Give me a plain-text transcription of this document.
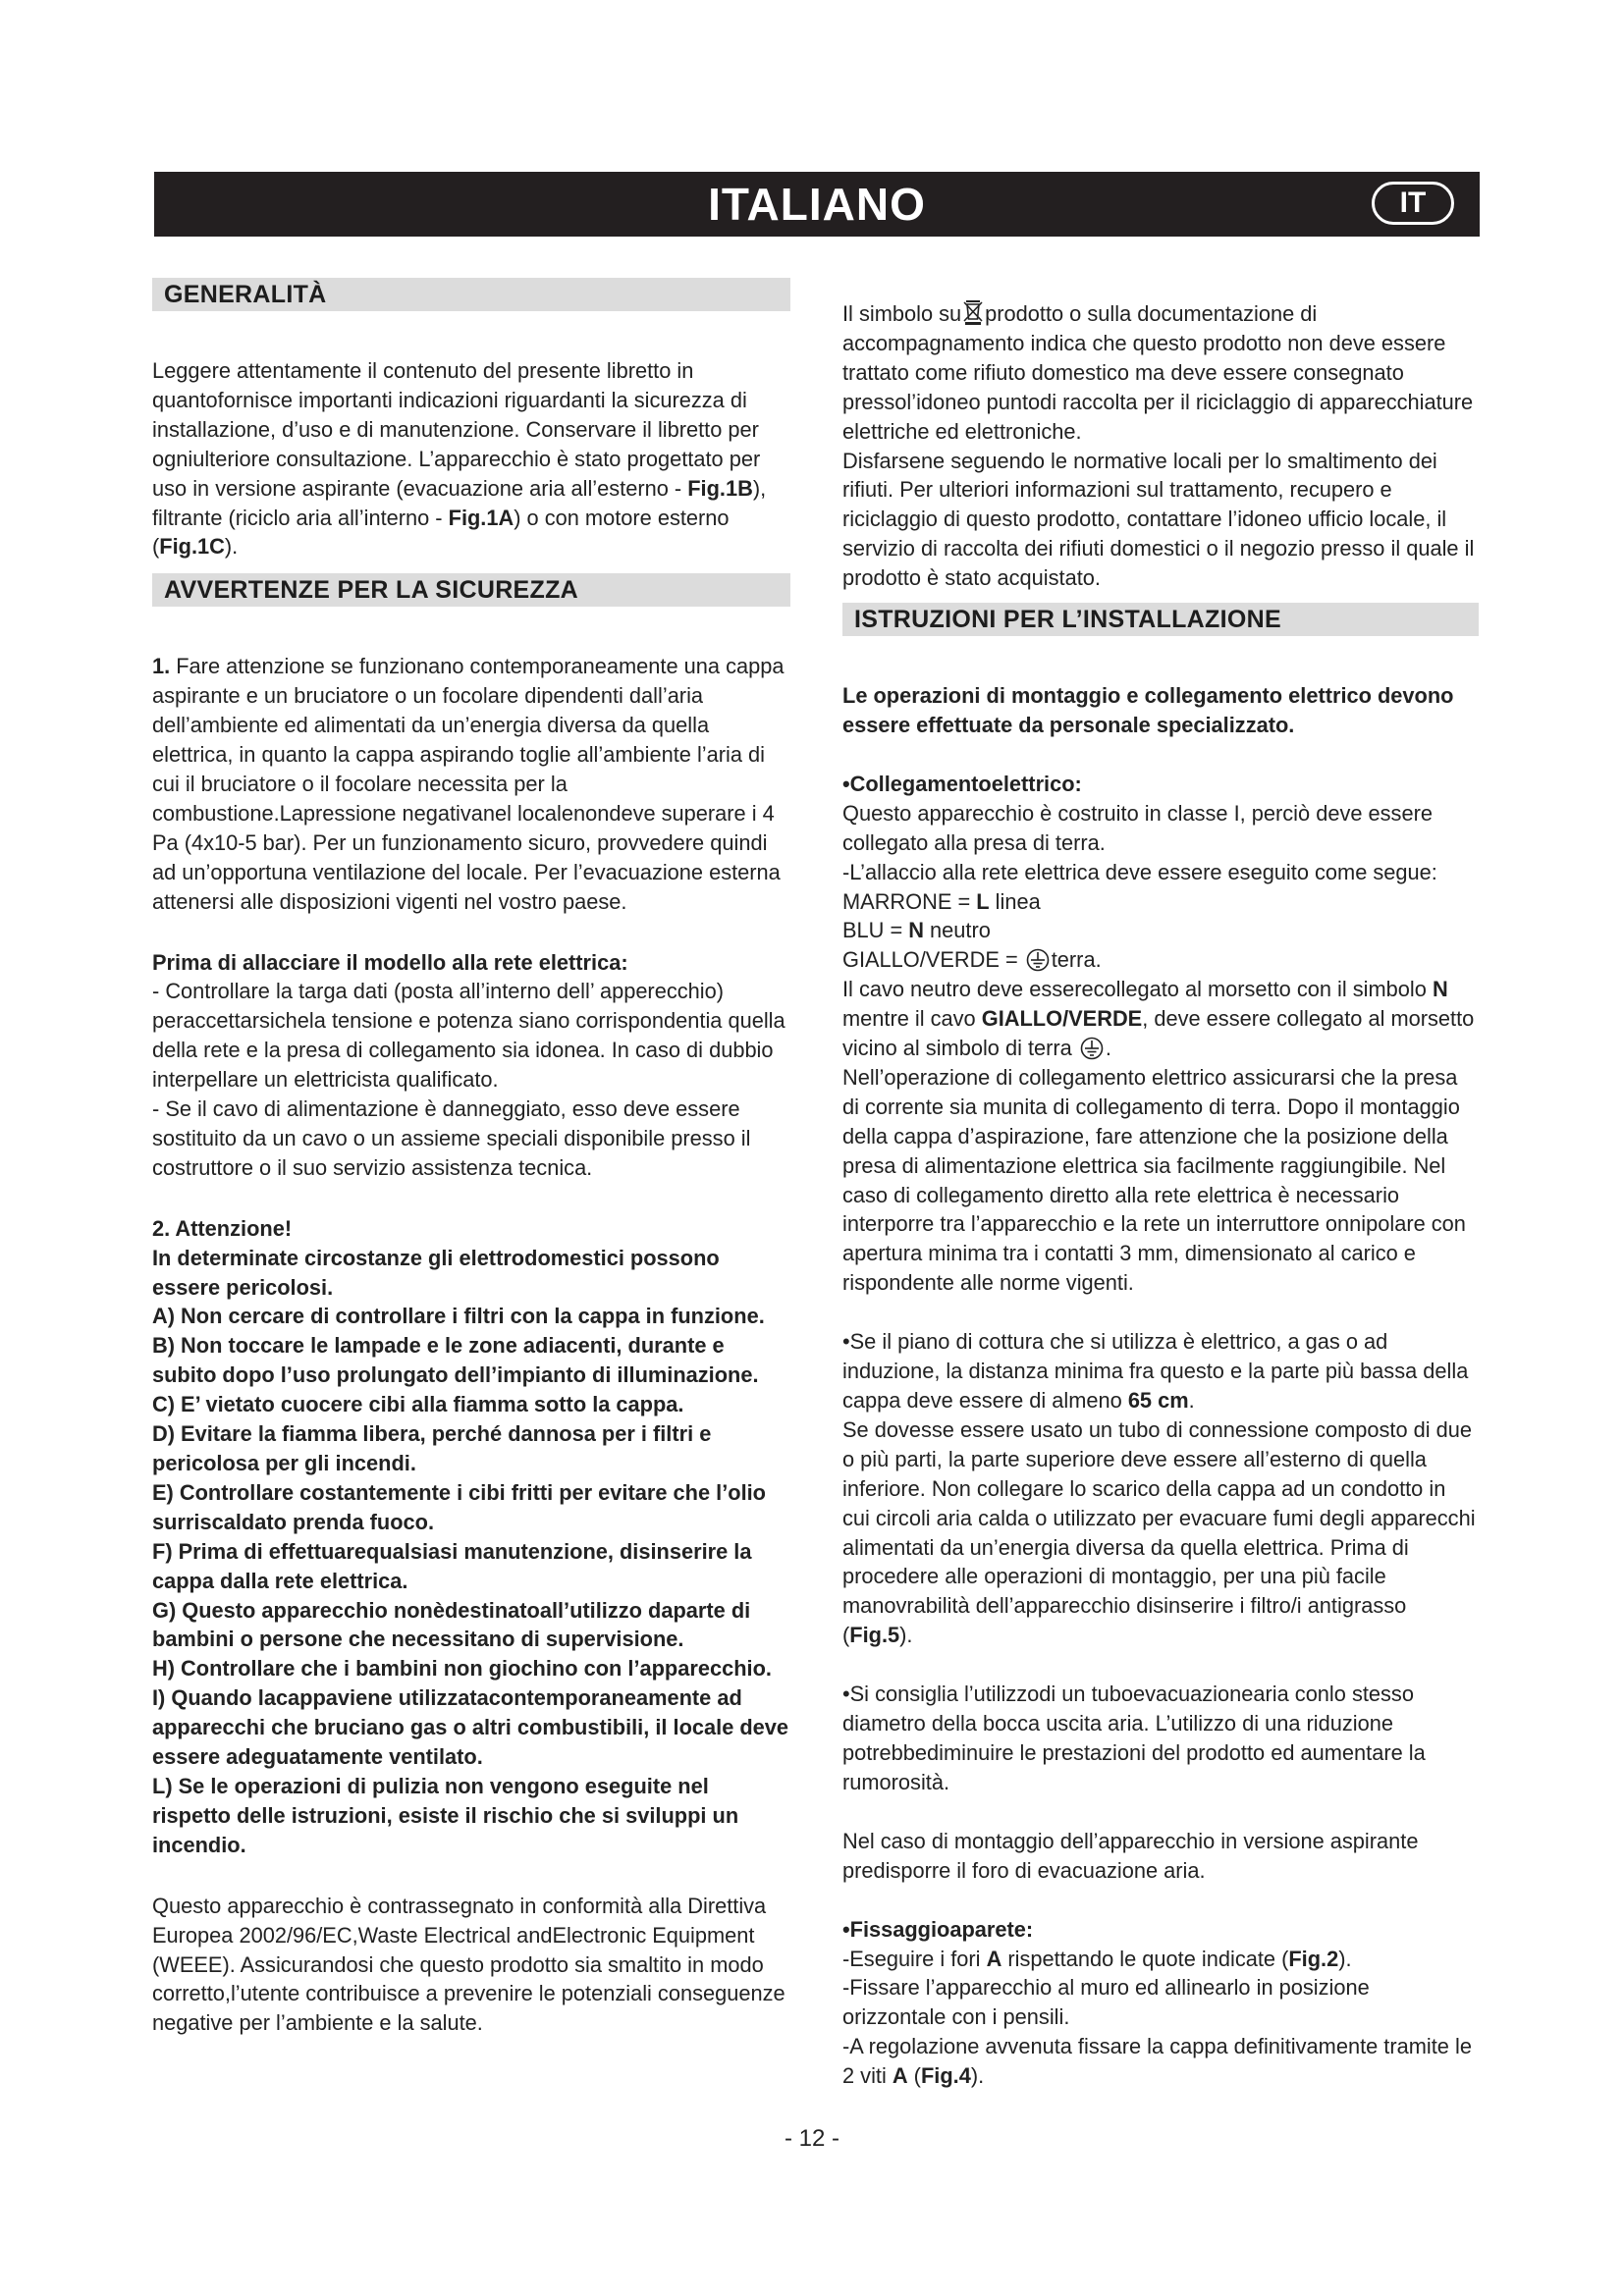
ITALIANO	IT
GENERALITÀ

Leggere attentamente il contenuto del presente libretto in quantofornisce importanti indicazioni riguardanti la sicurezza di installazione, d’uso e di manutenzione. Conservare il libretto per ogniulteriore consultazione. L’apparecchio è stato progettato per uso in versione aspirante (evacuazione aria all’esterno - Fig.1B), filtrante (riciclo aria all’interno - Fig.1A) o con motore esterno (Fig.1C).

AVVERTENZE PER LA SICUREZZA

1. Fare attenzione se funzionano contemporaneamente una cappa aspirante e un bruciatore o un focolare dipendenti dall’aria dell’ambiente ed alimentati da un’energia diversa da quella elettrica, in quanto la cappa aspirando toglie all’ambiente l’aria di cui il bruciatore o il focolare necessita per la combustione.Lapressione negativanel localenondeve superare i 4 Pa (4x10-5 bar). Per un funzionamento sicuro, provvedere quindi ad un’opportuna ventilazione del locale. Per l’evacuazione esterna attenersi alle disposizioni vigenti nel vostro paese.

Prima di allacciare il modello alla rete elettrica:

- Controllare la targa dati (posta all’interno dell’ apperecchio) peraccettarsichela tensione e potenza siano corrispondentia quella della rete e la presa di collegamento sia idonea. In caso di dubbio interpellare un elettricista qualificato.

- Se il cavo di alimentazione è danneggiato, esso deve essere sostituito da un cavo o un assieme speciali disponibile presso il costruttore o il suo servizio assistenza tecnica.

2. Attenzione!

In determinate circostanze gli elettrodomestici possono essere pericolosi.

A) Non cercare di controllare i filtri con la cappa in funzione.

B) Non toccare le lampade e le zone adiacenti, durante e subito dopo l’uso prolungato dell’impianto di illuminazione.

C) E’ vietato cuocere cibi alla fiamma sotto la cappa.

D) Evitare la fiamma libera, perché dannosa per i filtri e pericolosa per gli incendi.

E) Controllare costantemente i cibi fritti per evitare che l’olio surriscaldato prenda fuoco.

F) Prima di effettuarequalsiasi manutenzione, disinserire la cappa dalla rete elettrica.

G) Questo apparecchio nonèdestinatoall’utilizzo daparte di bambini o persone che necessitano di supervisione.

H) Controllare che i bambini non giochino con l’apparecchio.

I) Quando lacappaviene utilizzatacontemporaneamente ad apparecchi che bruciano gas o altri combustibili, il locale deve essere adeguatamente ventilato.

L) Se le operazioni di pulizia non vengono eseguite nel rispetto delle istruzioni, esiste il rischio che si sviluppi un incendio.

Questo apparecchio è contrassegnato in conformità alla Direttiva Europea 2002/96/EC,Waste Electrical andElectronic Equipment (WEEE). Assicurandosi che questo prodotto sia smaltito in modo corretto,l’utente contribuisce a prevenire le potenziali conseguenze negative per l’ambiente e la salute.

Il simbolo su prodotto o sulla documentazione di accompagnamento indica che questo prodotto non deve essere trattato come rifiuto domestico ma deve essere consegnato pressol’idoneo puntodi raccolta per il riciclaggio di apparecchiature elettriche ed elettroniche.

Disfarsene seguendo le normative locali per lo smaltimento dei rifiuti. Per ulteriori informazioni sul trattamento, recupero e riciclaggio di questo prodotto, contattare l’idoneo ufficio locale, il servizio di raccolta dei rifiuti domestici o il negozio presso il quale il prodotto è stato acquistato.

ISTRUZIONI PER L’INSTALLAZIONE

Le operazioni di montaggio e collegamento elettrico devono essere effettuate da personale specializzato.

•Collegamentoelettrico:

Questo apparecchio è costruito in classe I, perciò deve essere collegato alla presa di terra.

-L’allaccio alla rete elettrica deve essere eseguito come segue:

MARRONE = L linea

BLU = N neutro

GIALLO/VERDE = terra.

Il cavo neutro deve esserecollegato al morsetto con il simbolo N mentre il cavo GIALLO/VERDE, deve essere collegato al morsetto vicino al simbolo di terra .

Nell’operazione di collegamento elettrico assicurarsi che la presa di corrente sia munita di collegamento di terra. Dopo il montaggio della cappa d’aspirazione, fare attenzione che la posizione della presa di alimentazione elettrica sia facilmente raggiungibile. Nel caso di collegamento diretto alla rete elettrica è necessario interporre tra l’apparecchio e la rete un interruttore onnipolare con apertura minima tra i contatti 3 mm, dimensionato al carico e rispondente alle norme vigenti.

•Se il piano di cottura che si utilizza è elettrico, a gas o ad induzione, la distanza minima fra questo e la parte più bassa della cappa deve essere di almeno 65 cm.

Se dovesse essere usato un tubo di connessione composto di due o più parti, la parte superiore deve essere all’esterno di quella inferiore. Non collegare lo scarico della cappa ad un condotto in cui circoli aria calda o utilizzato per evacuare fumi degli apparecchi alimentati da un’energia diversa da quella elettrica. Prima di procedere alle operazioni di montaggio, per una più facile manovrabilità dell’apparecchio disinserire i filtro/i antigrasso (Fig.5).

•Si consiglia l’utilizzodi un tuboevacuazionearia conlo stesso diametro della bocca uscita aria. L’utilizzo di una riduzione potrebbediminuire le prestazioni del prodotto ed aumentare la rumorosità.

Nel caso di montaggio dell’apparecchio in versione aspirante predisporre il foro di evacuazione aria.

•Fissaggioaparete:

-Eseguire i fori A rispettando le quote indicate (Fig.2).

-Fissare l’apparecchio al muro ed allinearlo in posizione orizzontale con i pensili.

-A regolazione avvenuta fissare la cappa definitivamente tramite le 2 viti A (Fig.4).

- 12 -
